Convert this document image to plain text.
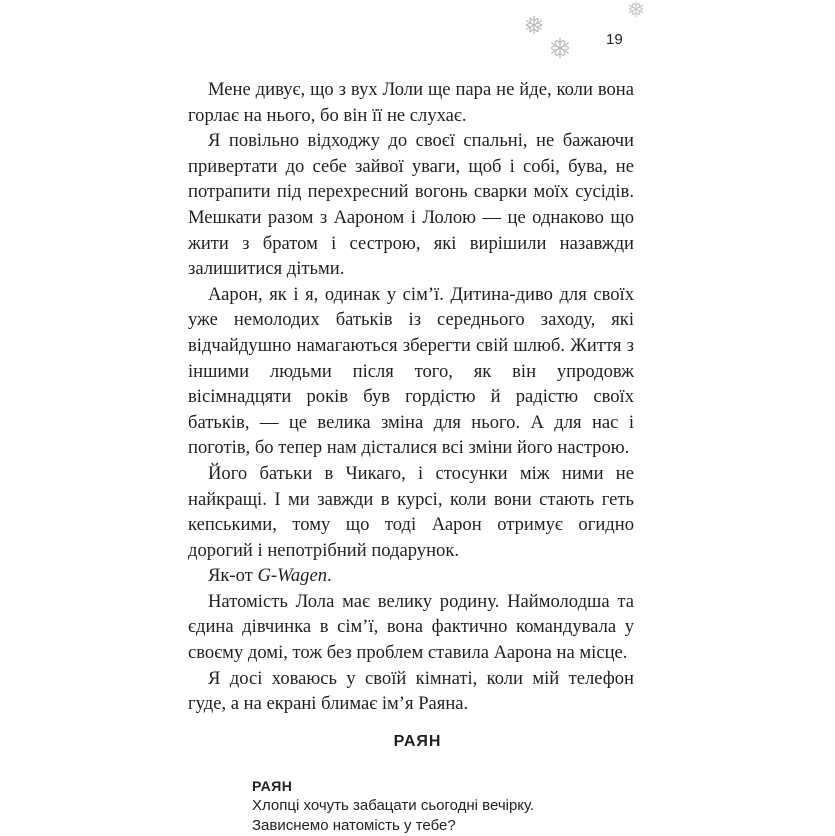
19

Мене дивує, що з вух Лоли ще пара не йде, коли вона горлає на нього, бо він її не слухає.

Я повільно відходжу до своєї спальні, не бажаючи привертати до себе зайвої уваги, щоб і собі, бува, не потрапити під перехресний вогонь сварки моїх сусідів. Мешкати разом з Аароном і Лолою — це однаково що жити з братом і сестрою, які вирішили назавжди залишитися дітьми.

Аарон, як і я, одинак у сім’ї. Дитина-диво для своїх уже немолодих батьків із середнього заходу, які відчайдушно намагаються зберегти свій шлюб. Життя з іншими людьми після того, як він упродовж вісімнадцяти років був гордістю й радістю своїх батьків, — це велика зміна для нього. А для нас і поготів, бо тепер нам дісталися всі зміни його настрою.

Його батьки в Чикаго, і стосунки між ними не найкращі. І ми завжди в курсі, коли вони стають геть кепськими, тому що тоді Аарон отримує огидно дорогий і непотрібний подарунок.

Як-от G-Wagen.

Натомість Лола має велику родину. Наймолодша та єдина дівчинка в сім’ї, вона фактично командувала у своєму домі, тож без проблем ставила Аарона на місце.

Я досі ховаюсь у своїй кімнаті, коли мій телефон гуде, а на екрані блимає ім’я Раяна.

РАЯН
РАЯН
Хлопці хочуть забацати сьогодні вечірку.
Зависнемо натомість у тебе?
